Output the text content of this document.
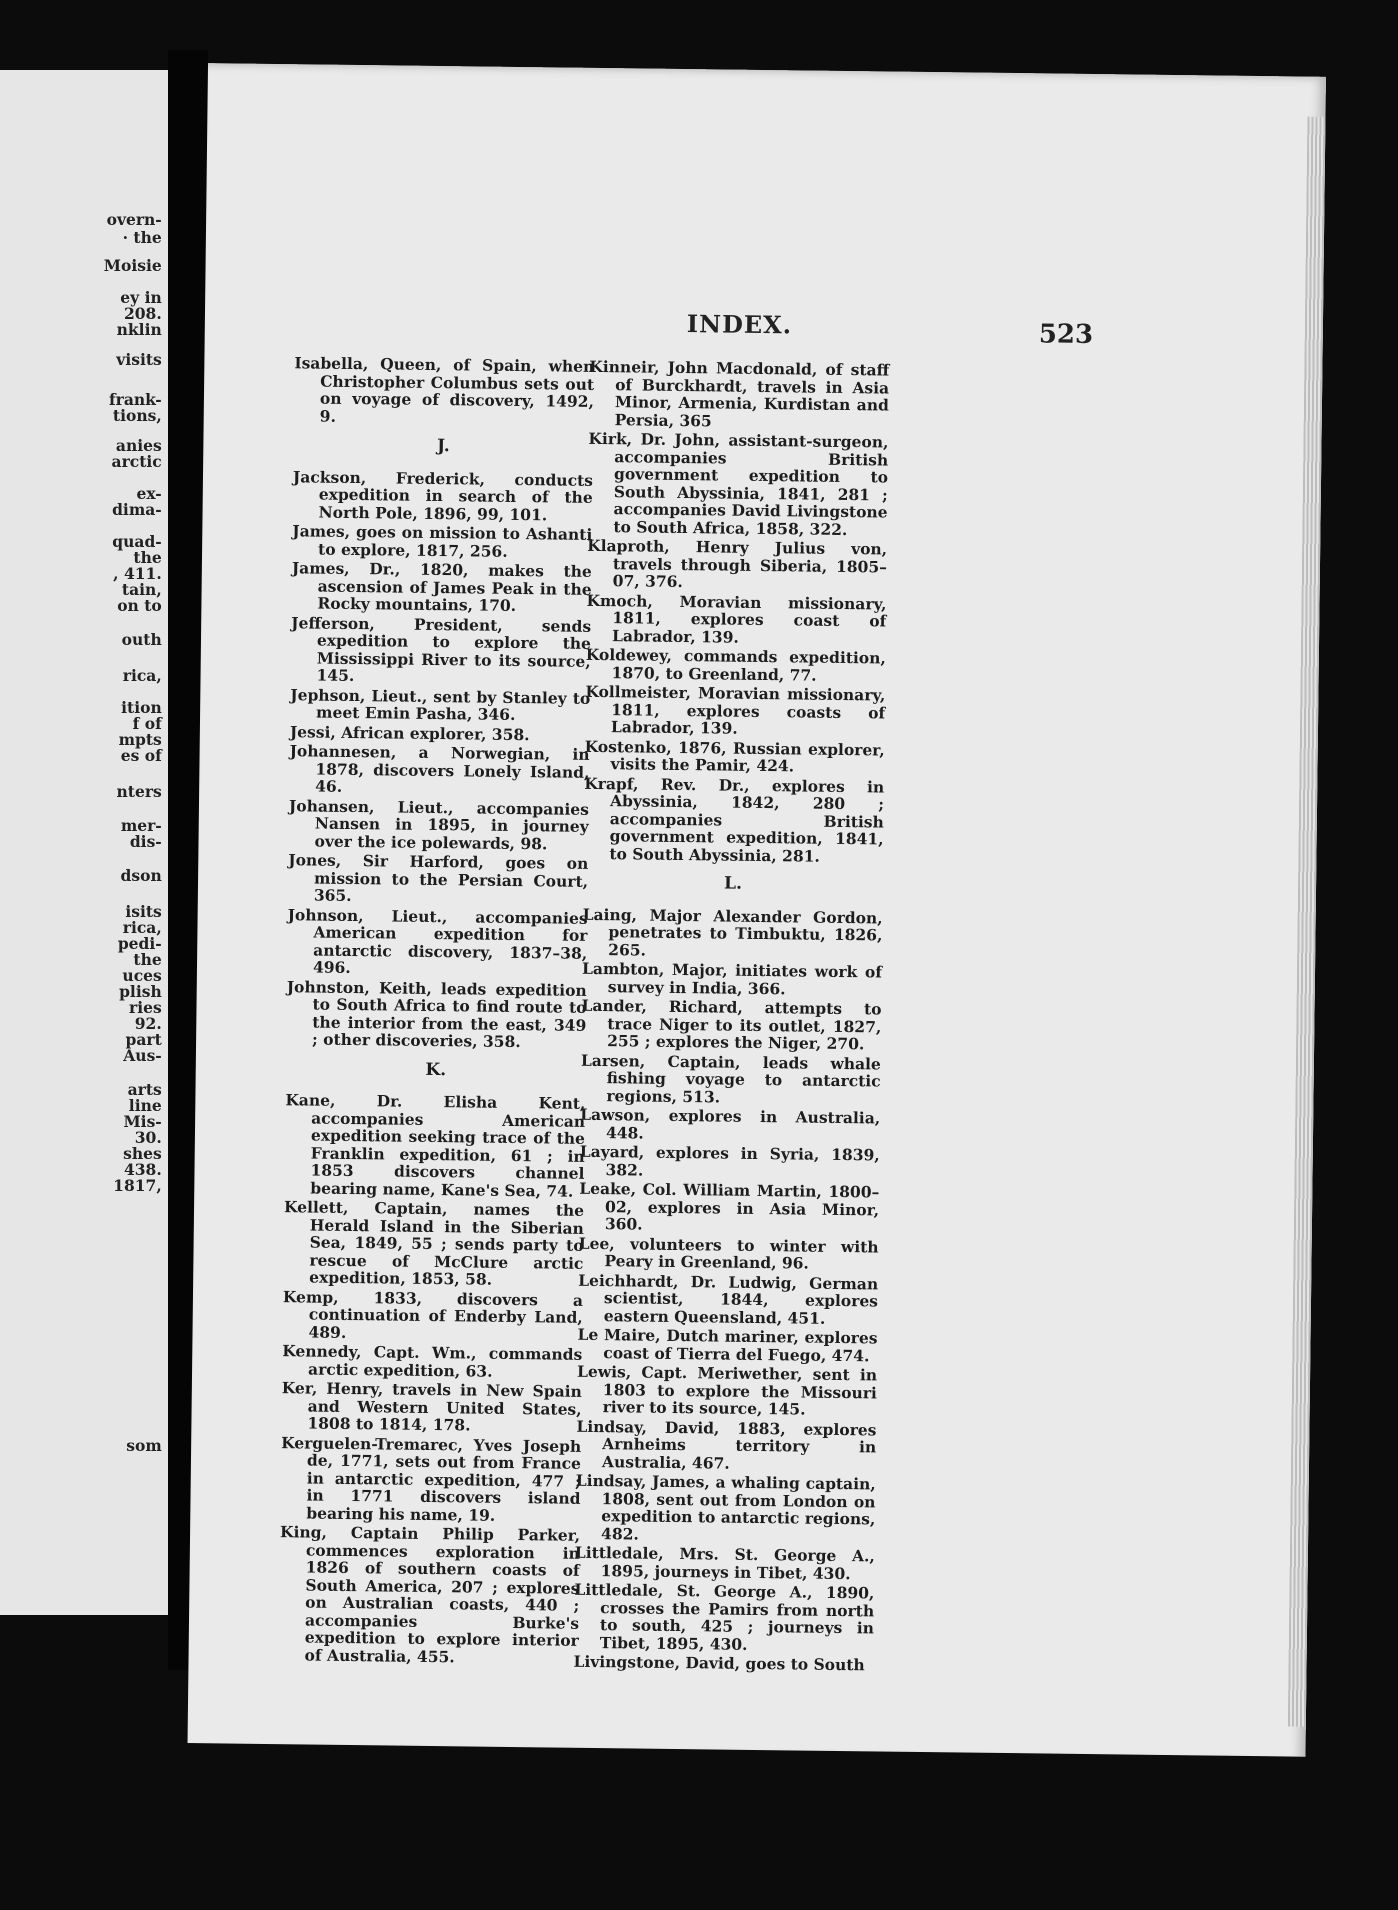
overn-
· the
Moisie
ey in
208.
nklin
visits
frank-
tions,
anies
arctic
ex-
dima-
quad-
the
, 411.
tain,
on to
outh
rica,
ition
f of
mpts
es of
nters
mer-
dis-
dson
isits
rica,
pedi-
the
uces
plish
ries
92.
part
Aus-
arts
line
Mis-
30.
shes
438.
1817,
som
INDEX.	523
Isabella, Queen, of Spain, when Christopher Columbus sets out on voyage of discovery, 1492, 9.
J.
Jackson, Frederick, conducts expedition in search of the North Pole, 1896, 99, 101.
James, goes on mission to Ashanti to explore, 1817, 256.
James, Dr., 1820, makes the ascension of James Peak in the Rocky mountains, 170.
Jefferson, President, sends expedition to explore the Mississippi River to its source, 145.
Jephson, Lieut., sent by Stanley to meet Emin Pasha, 346.
Jessi, African explorer, 358.
Johannesen, a Norwegian, in 1878, discovers Lonely Island, 46.
Johansen, Lieut., accompanies Nansen in 1895, in journey over the ice polewards, 98.
Jones, Sir Harford, goes on mission to the Persian Court, 365.
Johnson, Lieut., accompanies American expedition for antarctic discovery, 1837–38, 496.
Johnston, Keith, leads expedition to South Africa to find route to the interior from the east, 349 ; other discoveries, 358.
K.
Kane, Dr. Elisha Kent, accompanies American expedition seeking trace of the Franklin expedition, 61 ; in 1853 discovers channel bearing name, Kane's Sea, 74.
Kellett, Captain, names the Herald Island in the Siberian Sea, 1849, 55 ; sends party to rescue of McClure arctic expedition, 1853, 58.
Kemp, 1833, discovers a continuation of Enderby Land, 489.
Kennedy, Capt. Wm., commands arctic expedition, 63.
Ker, Henry, travels in New Spain and Western United States, 1808 to 1814, 178.
Kerguelen-Tremarec, Yves Joseph de, 1771, sets out from France in antarctic expedition, 477 ; in 1771 discovers island bearing his name, 19.
King, Captain Philip Parker, commences exploration in 1826 of southern coasts of South America, 207 ; explores on Australian coasts, 440 ; accompanies Burke's expedition to explore interior of Australia, 455.
Kinneir, John Macdonald, of staff of Burckhardt, travels in Asia Minor, Armenia, Kurdistan and Persia, 365
Kirk, Dr. John, assistant-surgeon, accompanies British government expedition to South Abyssinia, 1841, 281 ; accompanies David Livingstone to South Africa, 1858, 322.
Klaproth, Henry Julius von, travels through Siberia, 1805–07, 376.
Kmoch, Moravian missionary, 1811, explores coast of Labrador, 139.
Koldewey, commands expedition, 1870, to Greenland, 77.
Kollmeister, Moravian missionary, 1811, explores coasts of Labrador, 139.
Kostenko, 1876, Russian explorer, visits the Pamir, 424.
Krapf, Rev. Dr., explores in Abyssinia, 1842, 280 ; accompanies British government expedition, 1841, to South Abyssinia, 281.
L.
Laing, Major Alexander Gordon, penetrates to Timbuktu, 1826, 265.
Lambton, Major, initiates work of survey in India, 366.
Lander, Richard, attempts to trace Niger to its outlet, 1827, 255 ; explores the Niger, 270.
Larsen, Captain, leads whale fishing voyage to antarctic regions, 513.
Lawson, explores in Australia, 448.
Layard, explores in Syria, 1839, 382.
Leake, Col. William Martin, 1800–02, explores in Asia Minor, 360.
Lee, volunteers to winter with Peary in Greenland, 96.
Leichhardt, Dr. Ludwig, German scientist, 1844, explores eastern Queensland, 451.
Le Maire, Dutch mariner, explores coast of Tierra del Fuego, 474.
Lewis, Capt. Meriwether, sent in 1803 to explore the Missouri river to its source, 145.
Lindsay, David, 1883, explores Arnheims territory in Australia, 467.
Lindsay, James, a whaling captain, 1808, sent out from London on expedition to antarctic regions, 482.
Littledale, Mrs. St. George A., 1895, journeys in Tibet, 430.
Littledale, St. George A., 1890, crosses the Pamirs from north to south, 425 ; journeys in Tibet, 1895, 430.
Livingstone, David, goes to South
